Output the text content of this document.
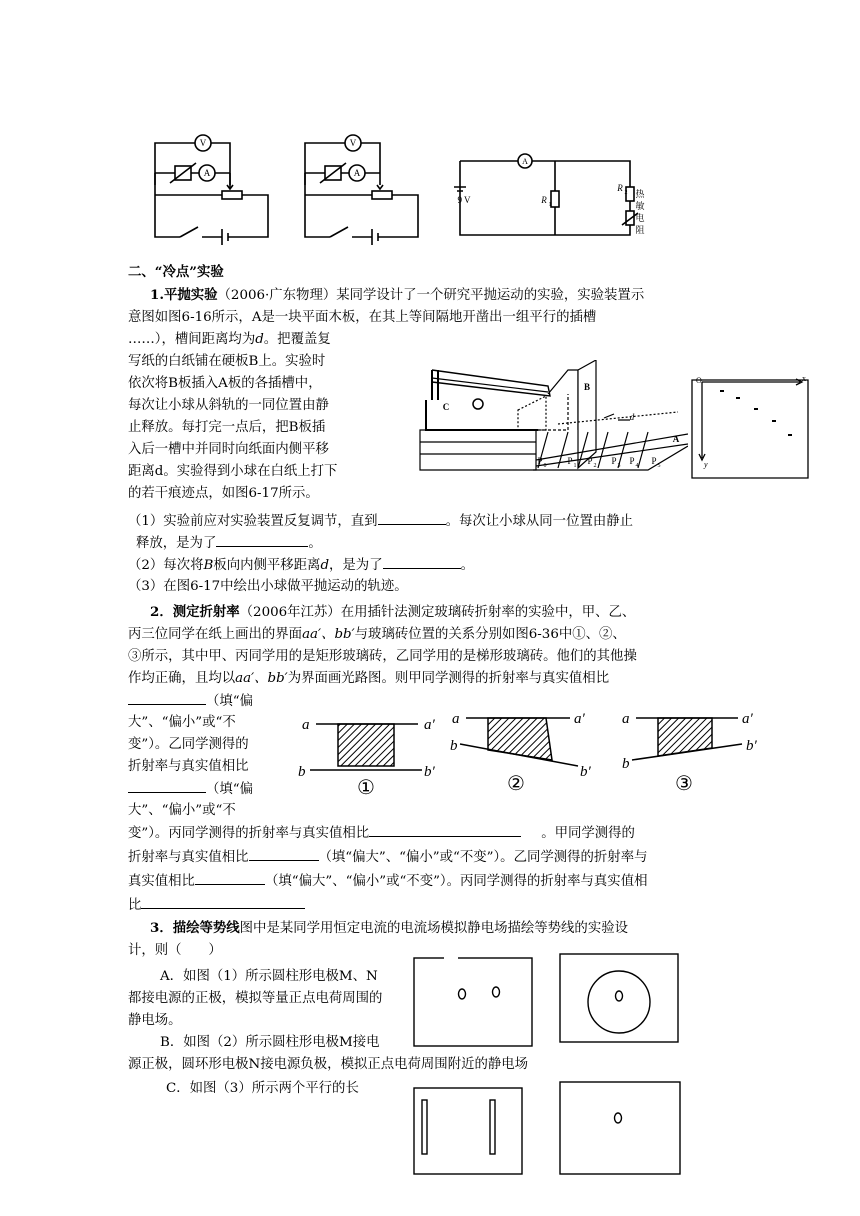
V
A
V
A
A
9 V	R 1
R 2 热
敏
电
阻
二、“冷点”实验
1.平抛实验（2006·广东物理）某同学设计了一个研究平抛运动的实验，实验装置示
意图如图6-16所示，A是一块平面木板，在其上等间隔地开凿出一组平行的插槽
……），槽间距离均为d。把覆盖复
写纸的白纸铺在硬板B上。实验时
依次将B板插入A板的各插槽中，
每次让小球从斜轨的一同位置由静
止释放。每打完一点后，把B板插
入后一槽中并同时向纸面内侧平移
距离d。实验得到小球在白纸上打下
的若干痕迹点，如图6-17所示。
C
B
A
d
P	P P P P P
0	1	2	3	4	5
O	x
y
（1）实验前应对实验装置反复调节，直到	。每次让小球从同一位置由静止
释放，是为了	。
（2）每次将B板向内侧平移距离d，是为了	。
（3）在图6-17中绘出小球做平抛运动的轨迹。
2．测定折射率（2006年江苏）在用插针法测定玻璃砖折射率的实验中，甲、乙、
丙三位同学在纸上画出的界面aa′、bb′与玻璃砖位置的关系分别如图6-36中①、②、
③所示，其中甲、丙同学用的是矩形玻璃砖，乙同学用的是梯形玻璃砖。他们的其他操
作均正确，且均以aa′、bb′为界面画光路图。则甲同学测得的折射率与真实值相比
（填“偏
大”、“偏小”或“不
变”）。乙同学测得的
折射率与真实值相比
（填“偏
大”、“偏小”或“不
a	a′
b	b′
a	a′
b
b′
a	a′
b
b′
①	②	③
变”）。丙同学测得的折射率与真实值相比	。甲同学测得的
折射率与真实值相比	（填“偏大”、“偏小”或“不变”）。乙同学测得的折射率与
真实值相比	（填“偏大”、“偏小”或“不变”）。丙同学测得的折射率与真实值相
比
3．描绘等势线图中是某同学用恒定电流的电流场模拟静电场描绘等势线的实验设
计，则（　　）
A．如图（1）所示圆柱形电极M、N
都接电源的正极，模拟等量正点电荷周围的
静电场。
B．如图（2）所示圆柱形电极M接电
源正极，圆环形电极N接电源负极，模拟正点电荷周围附近的静电场
C．如图（3）所示两个平行的长
